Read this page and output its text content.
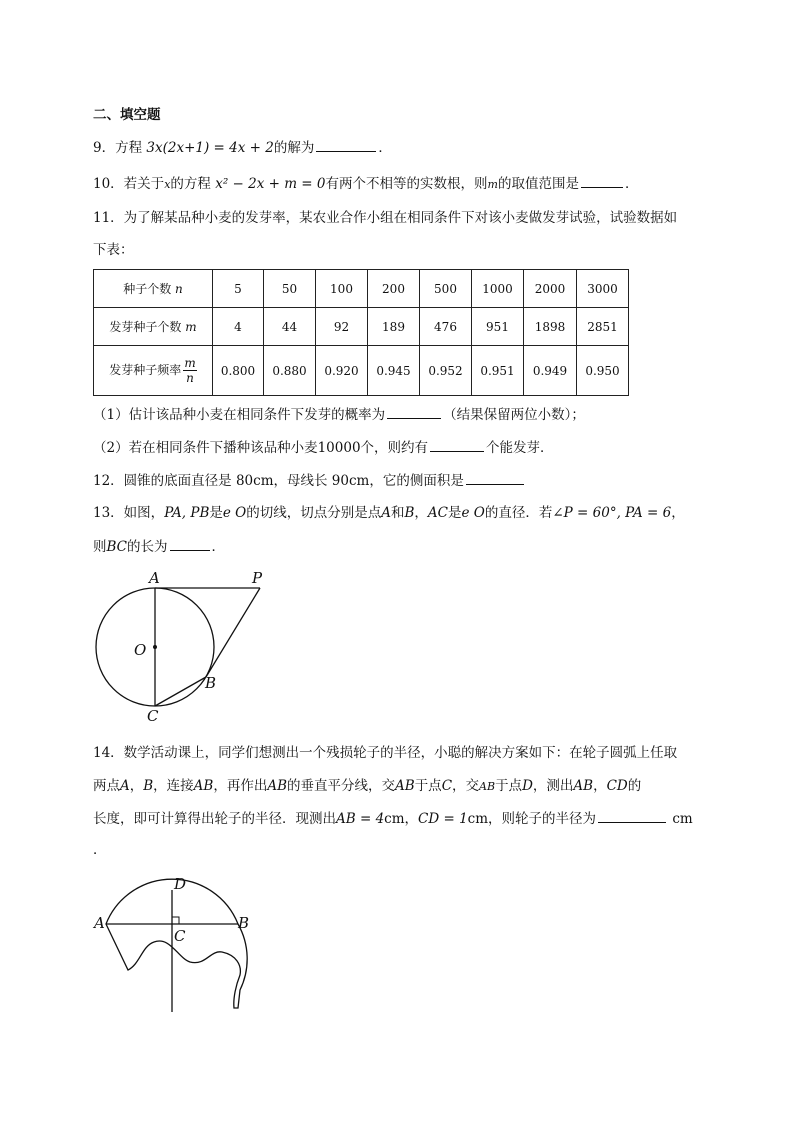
二、填空题
9．方程 3x(2x+1) = 4x + 2的解为	．
10．若关于x的方程 x² − 2x + m = 0有两个不相等的实数根，则m的取值范围是	．
11．为了解某品种小麦的发芽率，某农业合作小组在相同条件下对该小麦做发芽试验，试验数据如
下表：
种子个数 n	5	50	100	200	500	1000	2000	3000
发芽种子个数 m	4	44	92	189	476	951	1898	2851
发芽种子频率 $\frac{m}{n}$	0.800	0.880	0.920	0.945	0.952	0.951	0.949	0.950
（1）估计该品种小麦在相同条件下发芽的概率为	（结果保留两位小数）；
（2）若在相同条件下播种该品种小麦10000个，则约有	个能发芽．
12．圆锥的底面直径是 80cm，母线长 90cm，它的侧面积是
13．如图，PA, PB是e O的切线，切点分别是点A和B，AC是e O的直径．若∠P = 60°, PA = 6，
则BC的长为	．
A	P
O
B
C
14．数学活动课上，同学们想测出一个残损轮子的半径，小聪的解决方案如下：在轮子圆弧上任取
两点A，B，连接AB，再作出AB的垂直平分线，交AB于点C，交AB于点D，测出AB，CD的
长度，即可计算得出轮子的半径．现测出AB = 4cm，CD = 1cm，则轮子的半径为	cm
．
D
A
C
B
